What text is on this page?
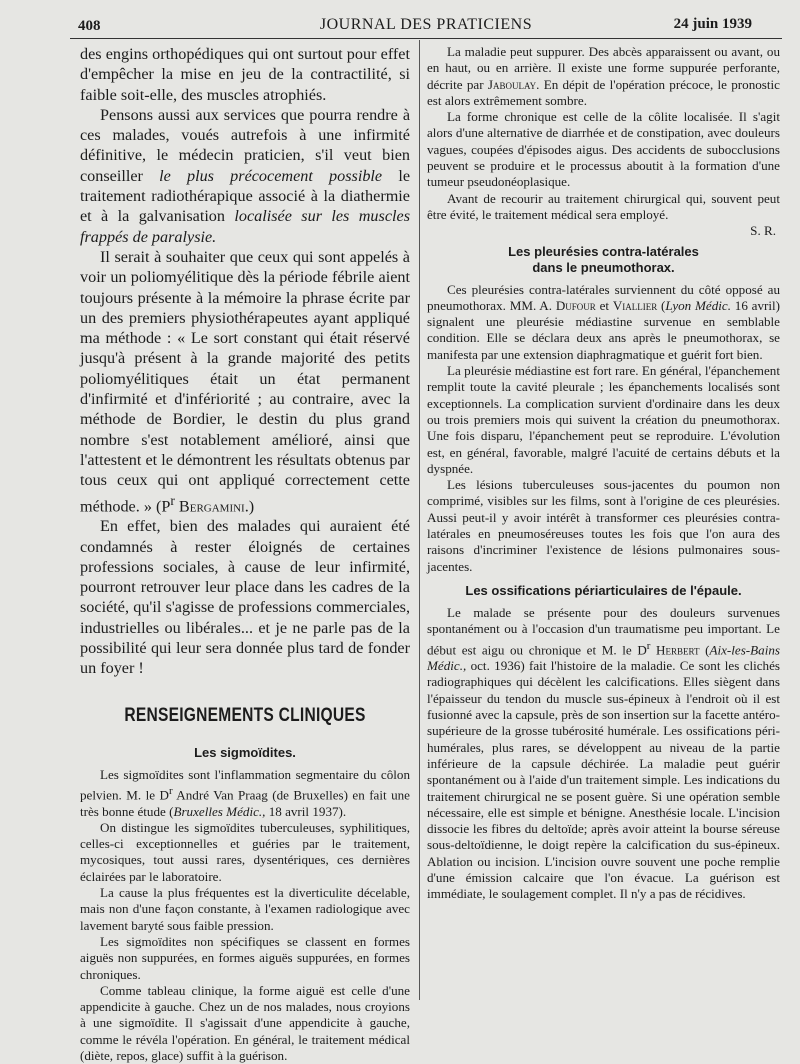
408	JOURNAL DES PRATICIENS	24 juin 1939

des engins orthopédiques qui ont surtout pour effet d'empêcher la mise en jeu de la contractilité, si faible soit-elle, des muscles atrophiés.

Pensons aussi aux services que pourra rendre à ces malades, voués autrefois à une infirmité définitive, le médecin praticien, s'il veut bien conseiller le plus précocement possible le traitement radiothérapique associé à la diathermie et à la galvanisation localisée sur les muscles frappés de paralysie.

Il serait à souhaiter que ceux qui sont appelés à voir un poliomyélitique dès la période fébrile aient toujours présente à la mémoire la phrase écrite par un des premiers physiothérapeutes ayant appliqué ma méthode : « Le sort constant qui était réservé jusqu'à présent à la grande majorité des petits poliomyélitiques était un état permanent d'infirmité et d'infériorité ; au contraire, avec la méthode de Bordier, le destin du plus grand nombre s'est notablement amélioré, ainsi que l'attestent et le démontrent les résultats obtenus par tous ceux qui ont appliqué correctement cette méthode. » ($P^r$ Bergamini.)

En effet, bien des malades qui auraient été condamnés à rester éloignés de certaines professions sociales, à cause de leur infirmité, pourront retrouver leur place dans les cadres de la société, qu'il s'agisse de professions commerciales, industrielles ou libérales... et je ne parle pas de la possibilité qui leur sera donnée plus tard de fonder un foyer !

RENSEIGNEMENTS CLINIQUES
Les sigmoïdites.

Les sigmoïdites sont l'inflammation segmentaire du côlon pelvien. M. le $D^r$ André Van Praag (de Bruxelles) en fait une très bonne étude (Bruxelles Médic., 18 avril 1937).

On distingue les sigmoïdites tuberculeuses, syphilitiques, celles-ci exceptionnelles et guéries par le traitement, mycosiques, tout aussi rares, dysentériques, ces dernières éclairées par le laboratoire.

La cause la plus fréquentes est la diverticulite décelable, mais non d'une façon constante, à l'examen radiologique avec lavement baryté sous faible pression.

Les sigmoïdites non spécifiques se classent en formes aiguës non suppurées, en formes aiguës suppurées, en formes chroniques.

Comme tableau clinique, la forme aiguë est celle d'une appendicite à gauche. Chez un de nos malades, nous croyions à une sigmoïdite. Il s'agissait d'une appendicite à gauche, comme le révéla l'opération. En général, le traitement médical (diète, repos, glace) suffit à la guérison.

La maladie peut suppurer. Des abcès apparaissent ou avant, ou en haut, ou en arrière. Il existe une forme suppurée perforante, décrite par Jaboulay. En dépit de l'opération précoce, le pronostic est alors extrêmement sombre.

La forme chronique est celle de la côlite localisée. Il s'agit alors d'une alternative de diarrhée et de constipation, avec douleurs vagues, coupées d'épisodes aigus. Des accidents de subocclusions peuvent se produire et le processus aboutit à la formation d'une tumeur pseudonéoplasique.

Avant de recourir au traitement chirurgical qui, souvent peut être évité, le traitement médical sera employé.

S. R.
Les pleurésies contra-latérales
dans le pneumothorax.

Ces pleurésies contra-latérales surviennent du côté opposé au pneumothorax. MM. A. Dufour et Viallier (Lyon Médic. 16 avril) signalent une pleurésie médiastine survenue en semblable condition. Elle se déclara deux ans après le pneumothorax, se manifesta par une extension diaphragmatique et guérit fort bien.

La pleurésie médiastine est fort rare. En général, l'épanchement remplit toute la cavité pleurale ; les épanchements localisés sont exceptionnels. La complication survient d'ordinaire dans les deux ou trois premiers mois qui suivent la création du pneumothorax. Une fois disparu, l'épanchement peut se reproduire. L'évolution est, en général, favorable, malgré l'acuité de certains débuts et la dyspnée.

Les lésions tuberculeuses sous-jacentes du poumon non comprimé, visibles sur les films, sont à l'origine de ces pleurésies. Aussi peut-il y avoir intérêt à transformer ces pleurésies contra-latérales en pneumoséreuses toutes les fois que l'on aura des raisons d'incriminer l'existence de lésions pulmonaires sous-jacentes.

Les ossifications périarticulaires de l'épaule.

Le malade se présente pour des douleurs survenues spontanément ou à l'occasion d'un traumatisme peu important. Le début est aigu ou chronique et M. le $D^r$ Herbert (Aix-les-Bains Médic., oct. 1936) fait l'histoire de la maladie. Ce sont les clichés radiographiques qui décèlent les calcifications. Elles siègent dans l'épaisseur du tendon du muscle sus-épineux à l'endroit où il est fusionné avec la capsule, près de son insertion sur la facette antéro-supérieure de la grosse tubérosité humérale. Les ossifications péri-humérales, plus rares, se développent au niveau de la partie inférieure de la capsule déchirée. La maladie peut guérir spontanément ou à l'aide d'un traitement simple. Les indications du traitement chirurgical ne se posent guère. Si une opération semble nécessaire, elle est simple et bénigne. Anesthésie locale. L'incision dissocie les fibres du deltoïde; après avoir atteint la bourse séreuse sous-deltoïdienne, le doigt repère la calcification du sus-épineux. Ablation ou incision. L'incision ouvre souvent une poche remplie d'une émission calcaire que l'on évacue. La guérison est immédiate, le soulagement complet. Il n'y a pas de récidives.
